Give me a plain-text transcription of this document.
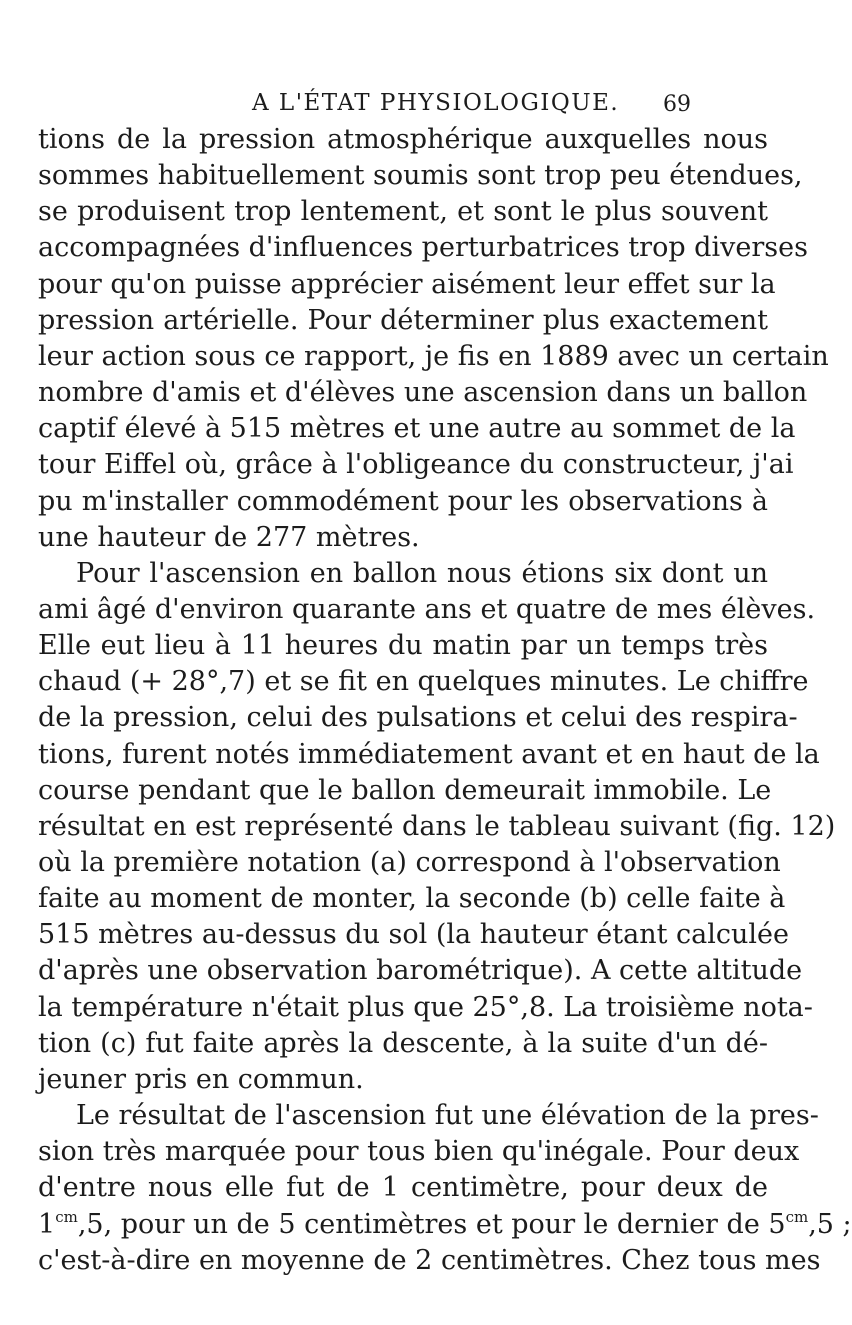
A L'ÉTAT PHYSIOLOGIQUE. 69
tions de la pression atmosphérique auxquelles nous
sommes habituellement soumis sont trop peu étendues,
se produisent trop lentement, et sont le plus souvent
accompagnées d'influences perturbatrices trop diverses
pour qu'on puisse apprécier aisément leur effet sur la
pression artérielle. Pour déterminer plus exactement
leur action sous ce rapport, je fis en 1889 avec un certain
nombre d'amis et d'élèves une ascension dans un ballon
captif élevé à 515 mètres et une autre au sommet de la
tour Eiffel où, grâce à l'obligeance du constructeur, j'ai
pu m'installer commodément pour les observations à
une hauteur de 277 mètres.
Pour l'ascension en ballon nous étions six dont un
ami âgé d'environ quarante ans et quatre de mes élèves.
Elle eut lieu à 11 heures du matin par un temps très
chaud (+ 28°,7) et se fit en quelques minutes. Le chiffre
de la pression, celui des pulsations et celui des respira-
tions, furent notés immédiatement avant et en haut de la
course pendant que le ballon demeurait immobile. Le
résultat en est représenté dans le tableau suivant (fig. 12)
où la première notation (a) correspond à l'observation
faite au moment de monter, la seconde (b) celle faite à
515 mètres au-dessus du sol (la hauteur étant calculée
d'après une observation barométrique). A cette altitude
la température n'était plus que 25°,8. La troisième nota-
tion (c) fut faite après la descente, à la suite d'un dé-
jeuner pris en commun.
Le résultat de l'ascension fut une élévation de la pres-
sion très marquée pour tous bien qu'inégale. Pour deux
d'entre nous elle fut de 1 centimètre, pour deux de
$1^{cm},5$, pour un de 5 centimètres et pour le dernier de $5^{cm},5$ ;
c'est-à-dire en moyenne de 2 centimètres. Chez tous mes
